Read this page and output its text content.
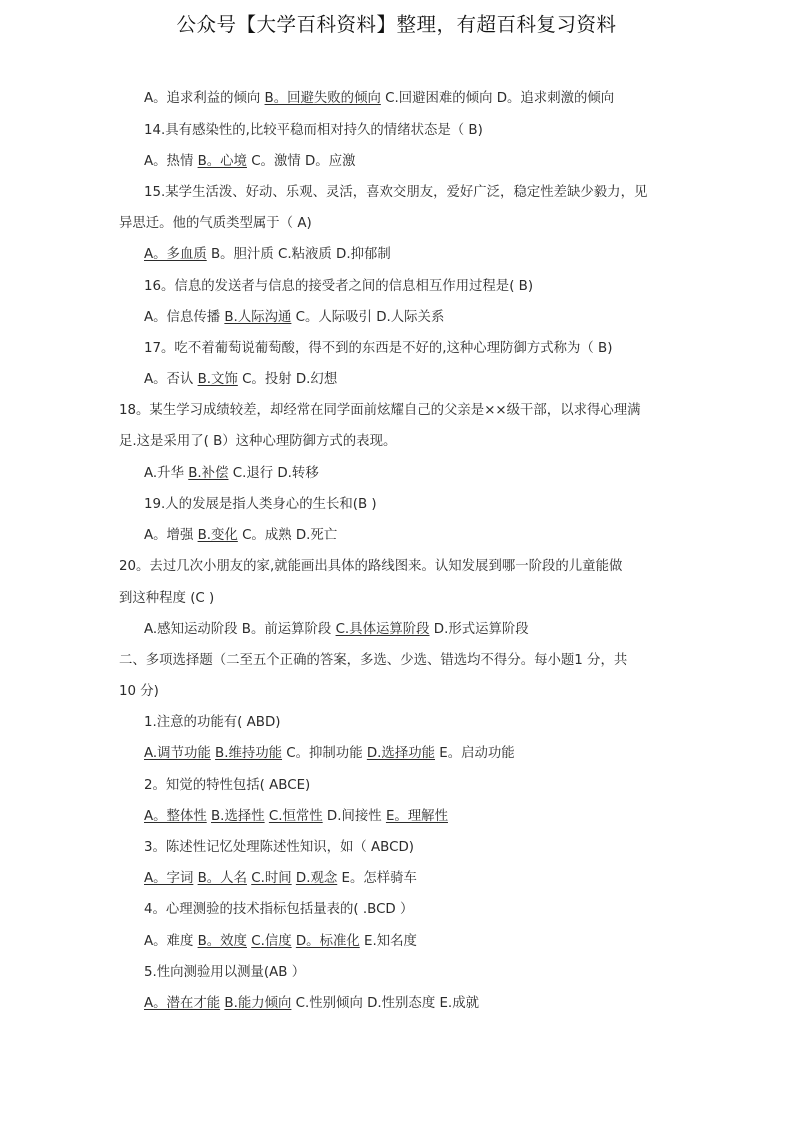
公众号【大学百科资料】整理，有超百科复习资料
A。追求利益的倾向 B。回避失败的倾向 C.回避困难的倾向 D。追求刺激的倾向
14.具有感染性的,比较平稳而相对持久的情绪状态是（ B)
A。热情 B。心境 C。激情 D。应激
15.某学生活泼、好动、乐观、灵活，喜欢交朋友，爱好广泛，稳定性差缺少毅力，见
异思迁。他的气质类型属于（ A)
A。多血质 B。胆汁质 C.粘液质 D.抑郁制
16。信息的发送者与信息的接受者之间的信息相互作用过程是( B)
A。信息传播 B.人际沟通 C。人际吸引 D.人际关系
17。吃不着葡萄说葡萄酸，得不到的东西是不好的,这种心理防御方式称为（ B)
A。否认 B.文饰 C。投射 D.幻想
18。某生学习成绩较差，却经常在同学面前炫耀自己的父亲是××级干部，以求得心理满
足.这是采用了( B）这种心理防御方式的表现。
A.升华 B.补偿 C.退行 D.转移
19.人的发展是指人类身心的生长和(B )
A。增强 B.变化 C。成熟 D.死亡
20。去过几次小朋友的家,就能画出具体的路线图来。认知发展到哪一阶段的儿童能做
到这种程度 (C )
A.感知运动阶段 B。前运算阶段 C.具体运算阶段 D.形式运算阶段
二、多项选择题（二至五个正确的答案，多选、少选、错选均不得分。每小题1 分，共
10 分)
1.注意的功能有( ABD)
A.调节功能 B.维持功能 C。抑制功能 D.选择功能 E。启动功能
2。知觉的特性包括( ABCE)
A。整体性 B.选择性 C.恒常性 D.间接性 E。理解性
3。陈述性记忆处理陈述性知识，如（ ABCD)
A。字词 B。人名 C.时间 D.观念 E。怎样骑车
4。心理测验的技术指标包括量表的( .BCD ）
A。难度 B。效度 C.信度 D。标准化 E.知名度
5.性向测验用以测量(AB ）
A。潜在才能 B.能力倾向 C.性别倾向 D.性别态度 E.成就
